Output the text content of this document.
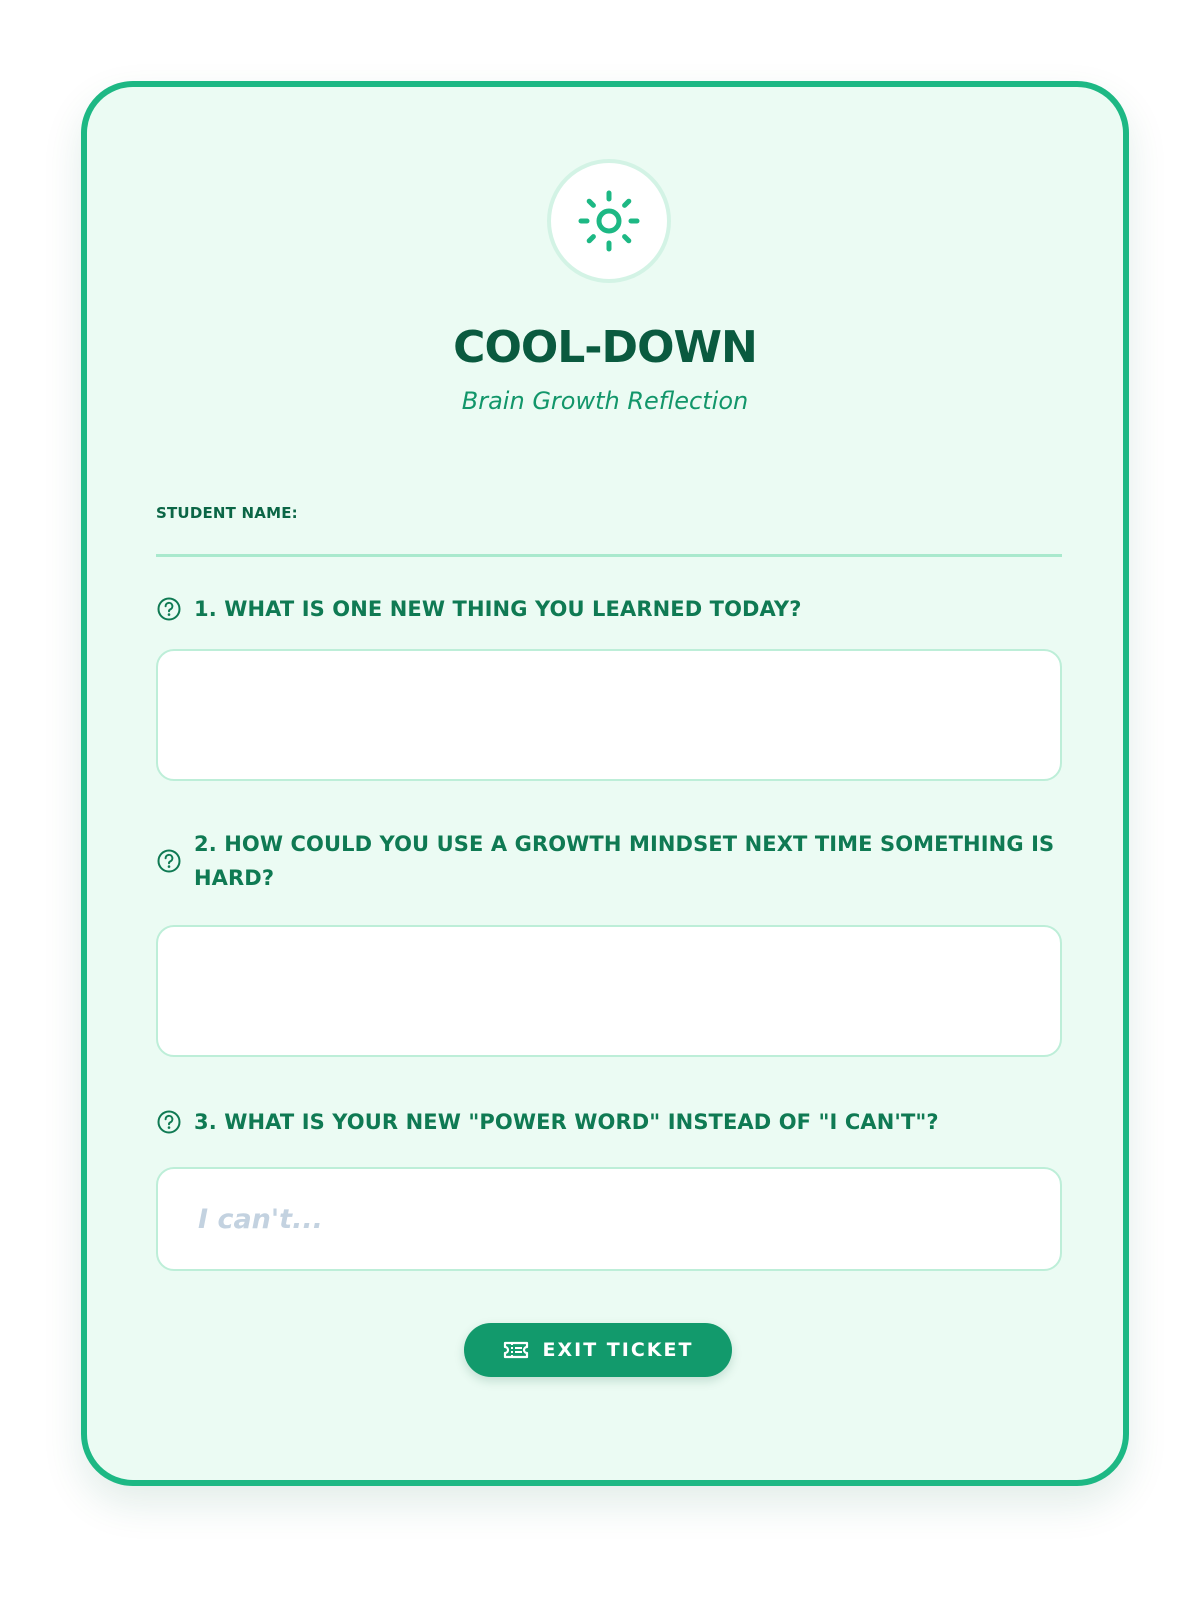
COOL-DOWN
Brain Growth Reflection
STUDENT NAME:
1. WHAT IS ONE NEW THING YOU LEARNED TODAY?
2. HOW COULD YOU USE A GROWTH MINDSET NEXT TIME SOMETHING IS HARD?
3. WHAT IS YOUR NEW "POWER WORD" INSTEAD OF "I CAN'T"?
I can't...
EXIT TICKET
